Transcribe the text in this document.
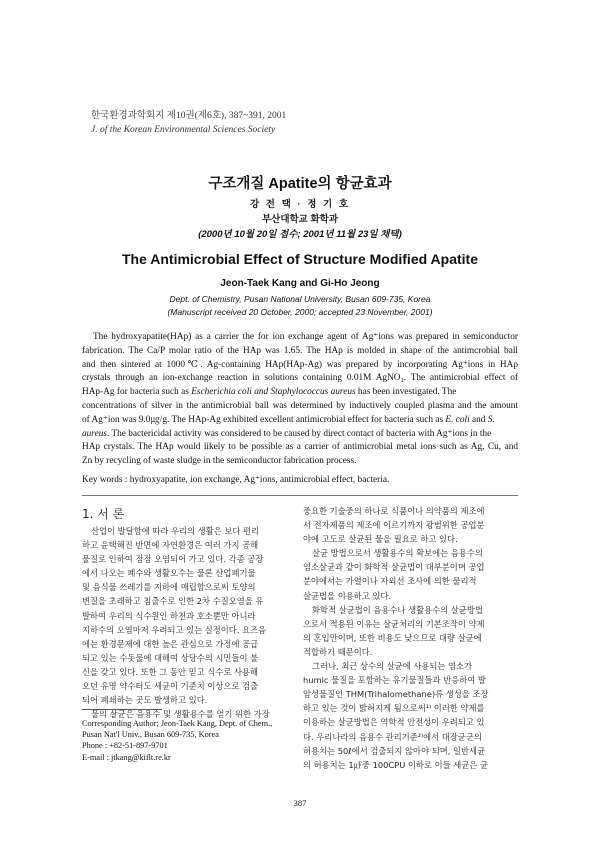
한국환경과학회지 제10권(제6호), 387~391, 2001
J. of the Korean Environmental Sciences Society
구조개질 Apatite의 항균효과
강 전 택 · 정 기 호
부산대학교 화학과
(2000년 10월 20일 접수; 2001년 11월 23일 채택)
The Antimicrobial Effect of Structure Modified Apatite
Jeon-Taek Kang and Gi-Ho Jeong
Dept. of Chemistry, Pusan National University, Busan 609-735, Korea
(Manuscript received 20 October, 2000; accepted 23 November, 2001)
The hydroxyapatite(HAp) as a carrier the for ion exchange agent of Ag⁺ions was prepared in semiconductor
fabrication. The Ca/P molar ratio of the HAp was 1.65. The HAp is molded in shape of the antimcrobial ball
and then sintered at 1000℃. Ag-containing HAp(HAp-Ag) was prepared by incorporating Ag⁺ions in HAp
crystals through an ion-exchange reaction in solutions containing 0.01M AgNO₃. The antimicrobial effect of
HAp-Ag for bacteria such as Escherichia coli and Staphylococcus aureus has been investigated. The
concentrations of silver in the antimicrobial ball was determined by inductively coupled plasma and the amount
of Ag⁺ion was 9.0㎍/g. The HAp-Ag exhibited excellent antimicrobial effect for bacteria such as E. coli and S.
aureus. The bactericidal activity was considered to be caused by direct contact of bacteria with Ag⁺ions in the
HAp crystals. The HAp would likely to be possible as a carrier of antimicrobial metal ions such as Ag, Cu, and
Zn by recycling of waste sludge in the semiconductor fabrication process.
Key words : hydroxyapatite, ion exchange, Ag⁺ions, antimicrobial effect, bacteria.
1. 서 론
산업이 발달함에 따라 우리의 생활은 보다 편리
하고 윤택해진 반면에 자연환경은 여러 가지 공해
물질로 인하여 점점 오염되어 가고 있다. 각종 공장
에서 나오는 폐수와 생활오수는 물론 산업폐기물
및 음식물 쓰레기를 지하에 매립함으로써 토양의
변질을 초래하고 침출수로 인한 2차 수질오염을 유
발하여 우리의 식수원인 하천과 호소뿐만 아니라
지하수의 오염마저 우려되고 있는 실정이다. 요즈음
에는 환경문제에 대한 높은 관심으로 가정에 공급
되고 있는 수돗물에 대해여 상당수의 시민들이 불
신을 갖고 있다. 또한 그 동안 믿고 식수로 사용해
오던 유명 약수터도 세균이 기준치 이상으로 검출
되어 폐쇄하는 곳도 발생하고 있다.
물의 살균은 음용수 및 생활용수를 얻기 위한 가장
중요한 기술중의 하나로 식품이나 의약품의 제조에
서 전자제품의 제조에 이르기까지 광범위한 공업분
야에 고도로 살균된 물을 필요로 하고 있다.
살균 방법으로서 생활용수의 확보에는 음용수의
염소살균과 같이 화학적 살균법이 대부분이며 공업
분야에서는 가열이나 자외선 조사에 의한 물리적
살균법을 이용하고 있다.
화학적 살균법이 음용수나 생활용수의 살균방법
으로서 적용된 이유는 살균처리의 기본조작이 약제
의 혼입만이며, 또한 비용도 낮으므로 대량 살균에
적합하기 때문이다.
그러나, 최근 상수의 살균에 사용되는 염소가
humic 물질을 포함하는 유기물질들과 반응하여 발
암성물질인 THM(Trihalomethane)류 생성을 조장
하고 있는 것이 밝혀지게 됨으로써¹⁾ 이러한 약제를
이용하는 살균방법은 역학적 안전성이 우려되고 있
다. 우리나라의 음용수 관리기준²⁾에서 대장균군의
허용치는 50ℓ에서 검출되지 않아야 되며, 일반세균
의 허용치는 1㎌중 100CPU 이하로 이들 세균은 균
Corresponding Author; Jeon-Taek Kang, Dept. of Chem.,
Pusan Nat'l Univ., Busan 609-735, Korea
Phone : +82-51-897-9701
E-mail : jtkang@kiflt.re.kr
387
